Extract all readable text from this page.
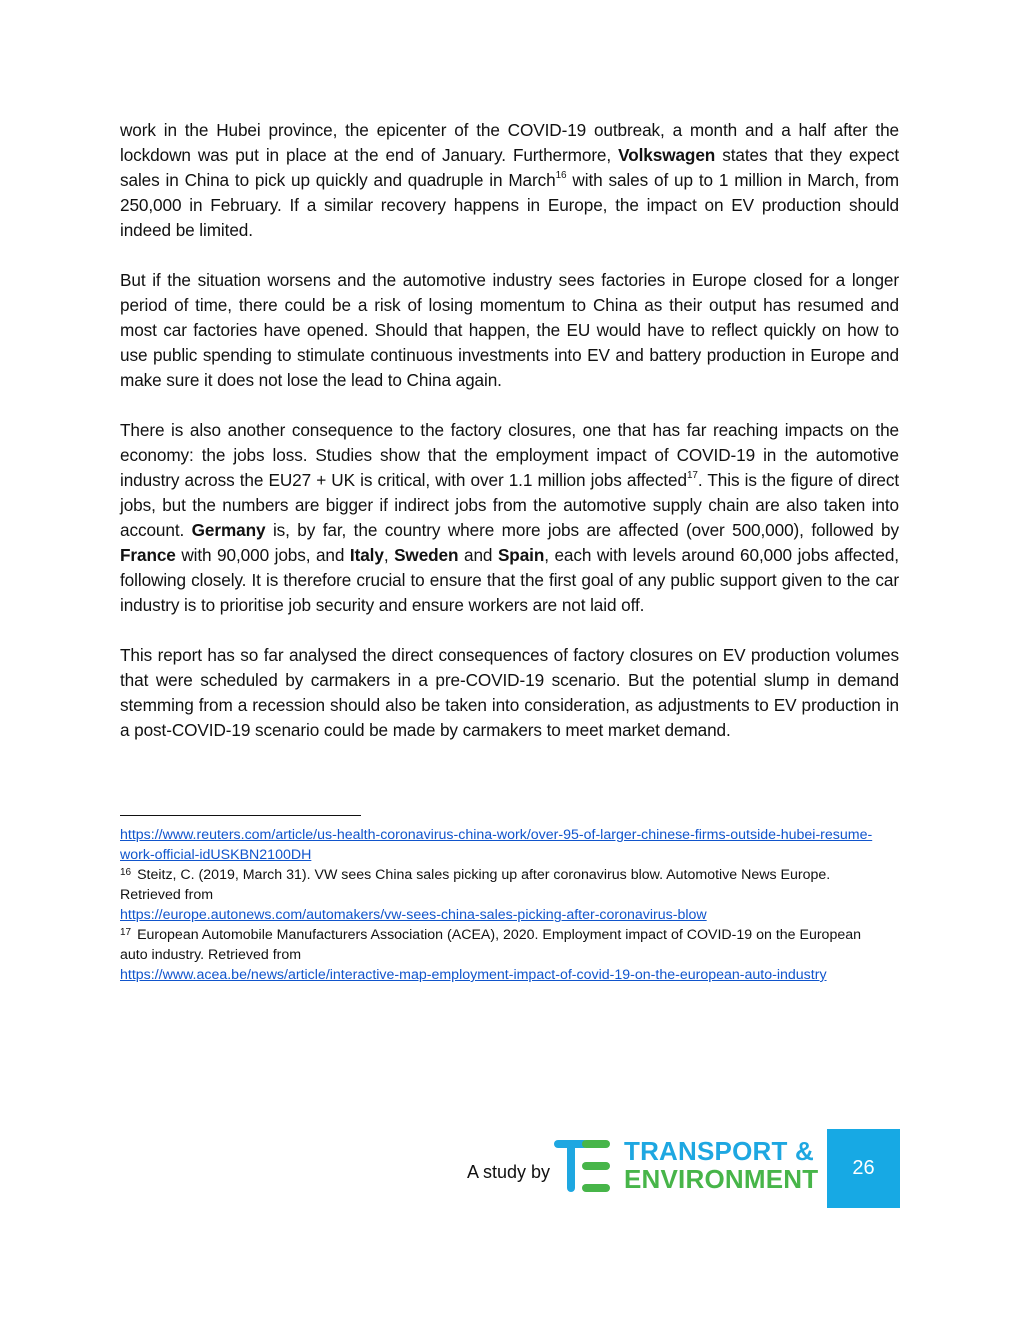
work in the Hubei province, the epicenter of the COVID-19 outbreak, a month and a half after the lockdown was put in place at the end of January. Furthermore, Volkswagen states that they expect sales in China to pick up quickly and quadruple in March$^{16}$ with sales of up to 1 million in March, from 250,000 in February. If a similar recovery happens in Europe, the impact on EV production should indeed be limited.

But if the situation worsens and the automotive industry sees factories in Europe closed for a longer period of time, there could be a risk of losing momentum to China as their output has resumed and most car factories have opened. Should that happen, the EU would have to reflect quickly on how to use public spending to stimulate continuous investments into EV and battery production in Europe and make sure it does not lose the lead to China again.

There is also another consequence to the factory closures, one that has far reaching impacts on the economy: the jobs loss. Studies show that the employment impact of COVID-19 in the automotive industry across the EU27 + UK is critical, with over 1.1 million jobs affected$^{17}$. This is the figure of direct jobs, but the numbers are bigger if indirect jobs from the automotive supply chain are also taken into account. Germany is, by far, the country where more jobs are affected (over 500,000), followed by France with 90,000 jobs, and Italy, Sweden and Spain, each with levels around 60,000 jobs affected, following closely. It is therefore crucial to ensure that the first goal of any public support given to the car industry is to prioritise job security and ensure workers are not laid off.

This report has so far analysed the direct consequences of factory closures on EV production volumes that were scheduled by carmakers in a pre-COVID-19 scenario. But the potential slump in demand stemming from a recession should also be taken into consideration, as adjustments to EV production in a post-COVID-19 scenario could be made by carmakers to meet market demand.

https://www.reuters.com/article/us-health-coronavirus-china-work/over-95-of-larger-chinese-firms-outside-hubei-resume-work-official-idUSKBN2100DH

$^{16}$ Steitz, C. (2019, March 31). VW sees China sales picking up after coronavirus blow. Automotive News Europe. Retrieved from
https://europe.autonews.com/automakers/vw-sees-china-sales-picking-after-coronavirus-blow

$^{17}$ European Automobile Manufacturers Association (ACEA), 2020. Employment impact of COVID-19 on the European auto industry. Retrieved from
https://www.acea.be/news/article/interactive-map-employment-impact-of-covid-19-on-the-european-auto-industry

A study by
TRANSPORT &
ENVIRONMENT 26
